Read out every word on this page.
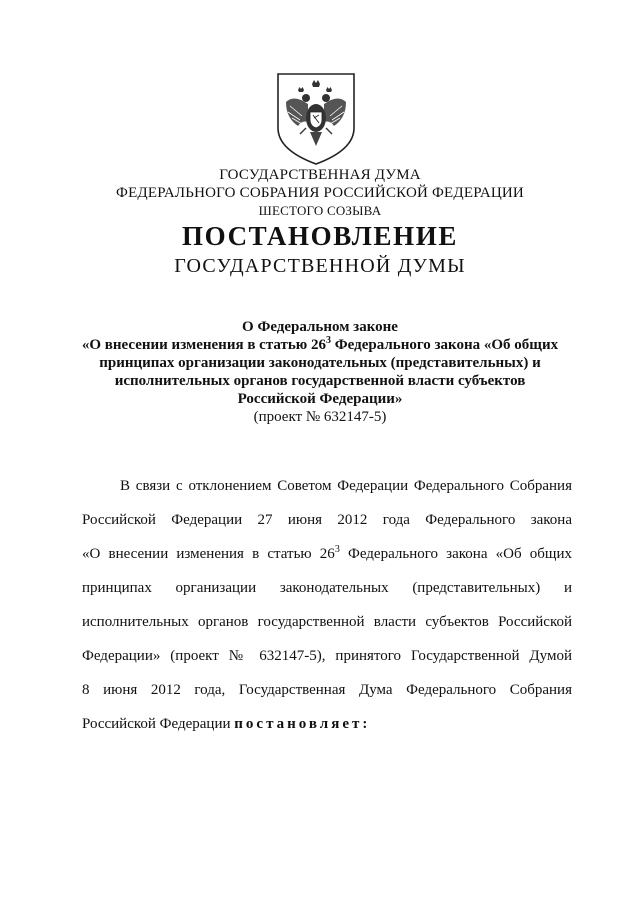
ГОСУДАРСТВЕННАЯ ДУМА
ФЕДЕРАЛЬНОГО СОБРАНИЯ РОССИЙСКОЙ ФЕДЕРАЦИИ
ШЕСТОГО СОЗЫВА
ПОСТАНОВЛЕНИЕ
ГОСУДАРСТВЕННОЙ ДУМЫ
О Федеральном законе
«О внесении изменения в статью $26^3$ Федерального закона «Об общих
принципах организации законодательных (представительных) и
исполнительных органов государственной власти субъектов
Российской Федерации»
(проект № 632147-5)
В связи с отклонением Советом Федерации Федерального Собрания
Российской Федерации 27 июня 2012 года Федерального закона
«О внесении изменения в статью $26^3$ Федерального закона «Об общих
принципах организации законодательных (представительных) и
исполнительных органов государственной власти субъектов Российской
Федерации» (проект № 632147-5), принятого Государственной Думой
8 июня 2012 года, Государственная Дума Федерального Собрания
Российской Федерации постановляет:
